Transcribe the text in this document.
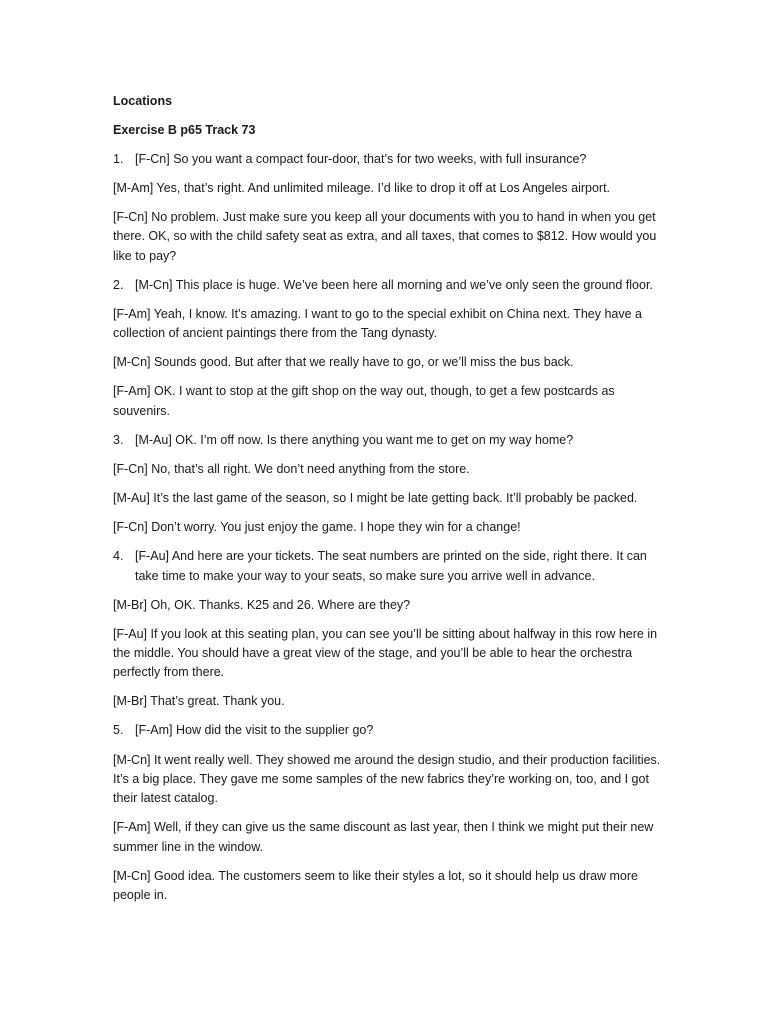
Locations
Exercise B p65 Track 73
1. [F-Cn] So you want a compact four-door, that’s for two weeks, with full insurance?
[M-Am] Yes, that’s right. And unlimited mileage. I’d like to drop it off at Los Angeles airport.
[F-Cn] No problem. Just make sure you keep all your documents with you to hand in when you get there. OK, so with the child safety seat as extra, and all taxes, that comes to $812. How would you like to pay?
2. [M-Cn] This place is huge. We’ve been here all morning and we’ve only seen the ground floor.
[F-Am] Yeah, I know. It’s amazing. I want to go to the special exhibit on China next. They have a collection of ancient paintings there from the Tang dynasty.
[M-Cn] Sounds good. But after that we really have to go, or we’ll miss the bus back.
[F-Am] OK. I want to stop at the gift shop on the way out, though, to get a few postcards as souvenirs.
3. [M-Au] OK. I’m off now. Is there anything you want me to get on my way home?
[F-Cn] No, that’s all right. We don’t need anything from the store.
[M-Au] It’s the last game of the season, so I might be late getting back. It’ll probably be packed.
[F-Cn] Don’t worry. You just enjoy the game. I hope they win for a change!
4. [F-Au] And here are your tickets. The seat numbers are printed on the side, right there. It can take time to make your way to your seats, so make sure you arrive well in advance.
[M-Br] Oh, OK. Thanks. K25 and 26. Where are they?
[F-Au] If you look at this seating plan, you can see you’ll be sitting about halfway in this row here in the middle. You should have a great view of the stage, and you’ll be able to hear the orchestra perfectly from there.
[M-Br] That’s great. Thank you.
5. [F-Am] How did the visit to the supplier go?
[M-Cn] It went really well. They showed me around the design studio, and their production facilities. It’s a big place. They gave me some samples of the new fabrics they’re working on, too, and I got their latest catalog.
[F-Am] Well, if they can give us the same discount as last year, then I think we might put their new summer line in the window.
[M-Cn] Good idea. The customers seem to like their styles a lot, so it should help us draw more people in.
